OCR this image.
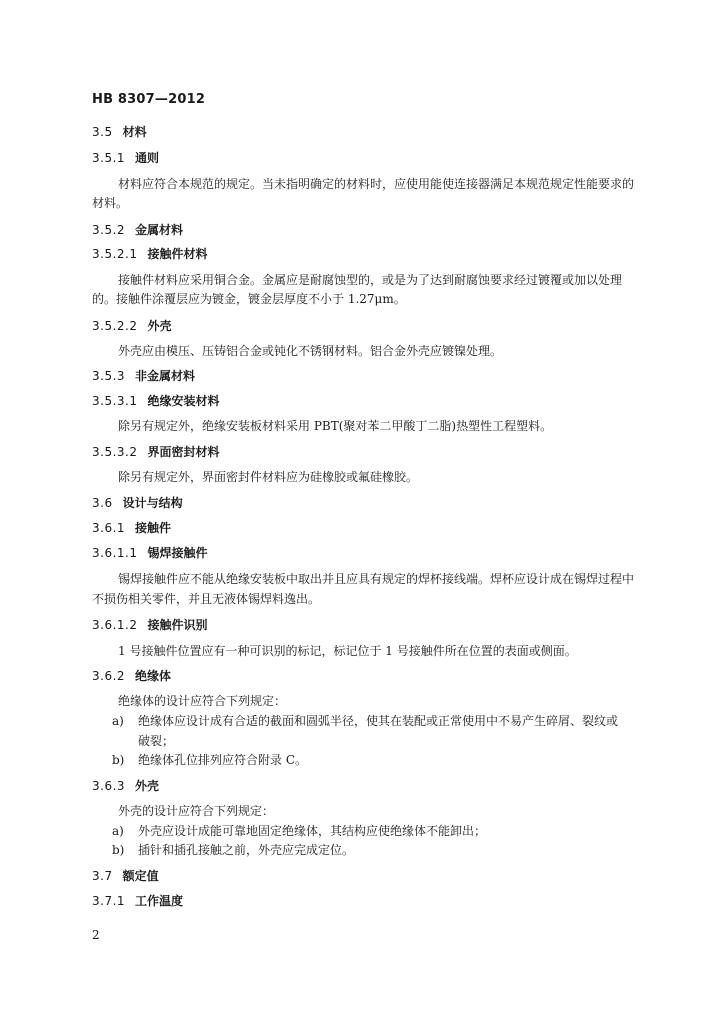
HB 8307—2012
3.5 材料
3.5.1 通则
材料应符合本规范的规定。当未指明确定的材料时，应使用能使连接器满足本规范规定性能要求的
材料。
3.5.2 金属材料
3.5.2.1 接触件材料
接触件材料应采用铜合金。金属应是耐腐蚀型的，或是为了达到耐腐蚀要求经过镀覆或加以处理
的。接触件涂覆层应为镀金，镀金层厚度不小于 1.27μm。
3.5.2.2 外壳
外壳应由模压、压铸铝合金或钝化不锈钢材料。铝合金外壳应镀镍处理。
3.5.3 非金属材料
3.5.3.1 绝缘安装材料
除另有规定外，绝缘安装板材料采用 PBT(聚对苯二甲酸丁二脂)热塑性工程塑料。
3.5.3.2 界面密封材料
除另有规定外，界面密封件材料应为硅橡胶或氟硅橡胶。
3.6 设计与结构
3.6.1 接触件
3.6.1.1 锡焊接触件
锡焊接触件应不能从绝缘安装板中取出并且应具有规定的焊杯接线端。焊杯应设计成在锡焊过程中
不损伤相关零件，并且无液体锡焊料逸出。
3.6.1.2 接触件识别
1 号接触件位置应有一种可识别的标记，标记位于 1 号接触件所在位置的表面或侧面。
3.6.2 绝缘体
绝缘体的设计应符合下列规定：
a) 绝缘体应设计成有合适的截面和圆弧半径，使其在装配或正常使用中不易产生碎屑、裂纹或
破裂；
b) 绝缘体孔位排列应符合附录 C。
3.6.3 外壳
外壳的设计应符合下列规定：
a) 外壳应设计成能可靠地固定绝缘体，其结构应使绝缘体不能卸出；
b) 插针和插孔接触之前，外壳应完成定位。
3.7 额定值
3.7.1 工作温度
2
